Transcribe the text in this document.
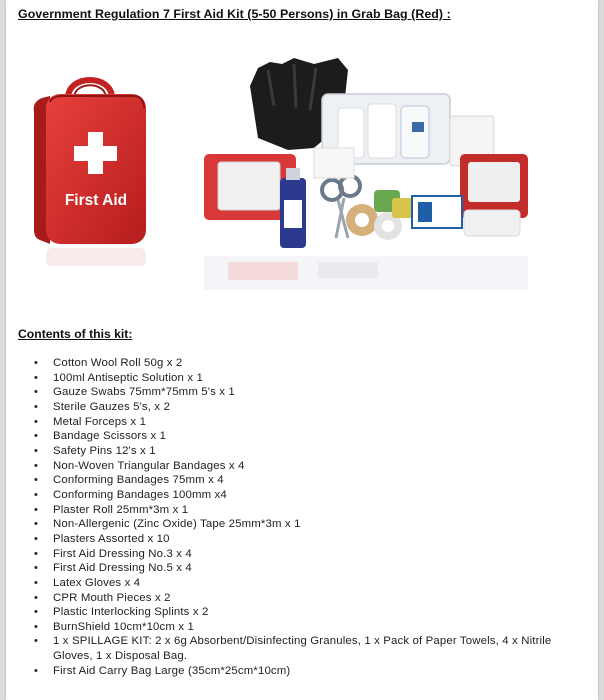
Government Regulation 7 First Aid Kit (5-50 Persons) in Grab Bag (Red) :
First Aid
Contents of this kit:
• Cotton Wool Roll 50g x 2
• 100ml Antiseptic Solution x 1
• Gauze Swabs 75mm*75mm 5's x 1
• Sterile Gauzes 5's, x 2
• Metal Forceps x 1
• Bandage Scissors x 1
• Safety Pins 12's x 1
• Non-Woven Triangular Bandages x 4
• Conforming Bandages 75mm x 4
• Conforming Bandages 100mm x4
• Plaster Roll 25mm*3m x 1
• Non-Allergenic (Zinc Oxide) Tape 25mm*3m x 1
• Plasters Assorted x 10
• First Aid Dressing No.3 x 4
• First Aid Dressing No.5 x 4
• Latex Gloves x 4
• CPR Mouth Pieces x 2
• Plastic Interlocking Splints x 2
• BurnShield 10cm*10cm x 1
• 1 x SPILLAGE KIT: 2 x 6g Absorbent/Disinfecting Granules, 1 x Pack of Paper Towels, 4 x Nitrile Gloves, 1 x Disposal Bag.
• First Aid Carry Bag Large (35cm*25cm*10cm)
